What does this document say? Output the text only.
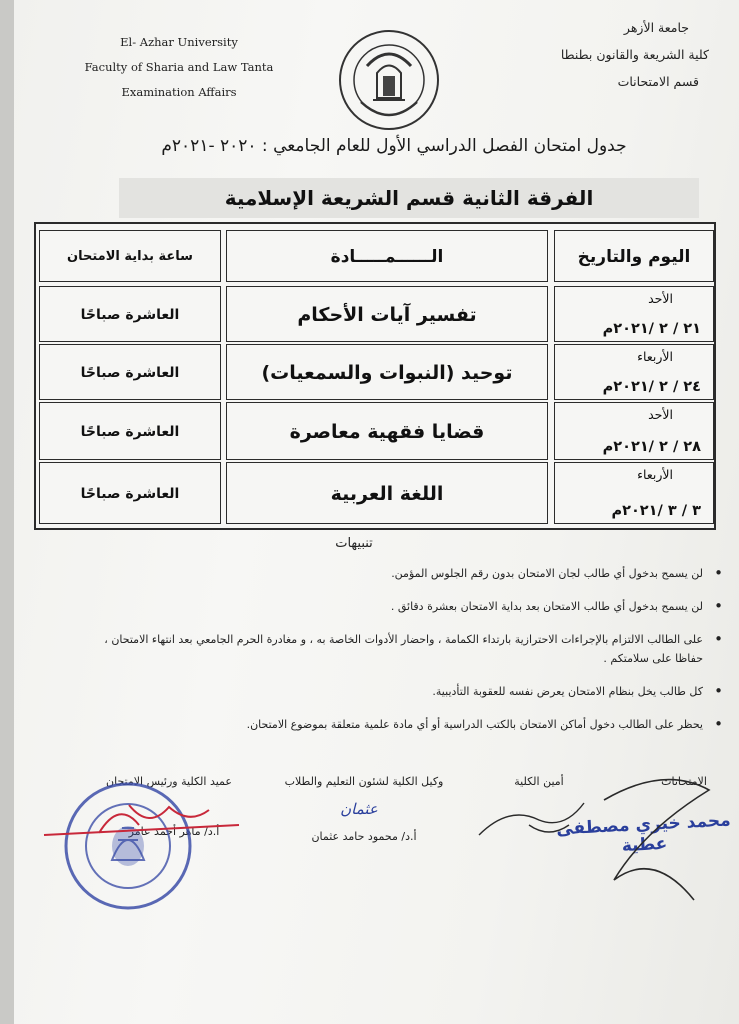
El- Azhar University
Faculty of Sharia and Law Tanta
Examination Affairs
جامعة الأزهر
كلية الشريعة والقانون بطنطا
قسم الامتحانات
جدول امتحان الفصل الدراسي الأول للعام الجامعي : ٢٠٢٠ -٢٠٢١م
الفرقة الثانية قسم الشريعة الإسلامية
اليوم والتاريخ
الــــــمـــــادة
ساعة بداية الامتحان
الأحد
٢١ / ٢ /٢٠٢١م
تفسير آيات الأحكام
العاشرة صباحًا
الأربعاء
٢٤ / ٢ /٢٠٢١م
توحيد (النبوات والسمعيات)
العاشرة صباحًا
الأحد
٢٨ / ٢ /٢٠٢١م
قضايا فقهية معاصرة
العاشرة صباحًا
الأربعاء
٣ / ٣ /٢٠٢١م
اللغة العربية
العاشرة صباحًا
تنبيهات
• لن يسمح بدخول أي طالب لجان الامتحان بدون رقم الجلوس المؤمن.
• لن يسمح بدخول أي طالب الامتحان بعد بداية الامتحان بعشرة دقائق .
• على الطالب الالتزام بالإجراءات الاحترازية بارتداء الكمامة ، واحضار الأدوات الخاصة به ، و مغادرة الحرم الجامعي بعد انتهاء الامتحان ، حفاظا على سلامتكم .
• كل طالب يخل بنظام الامتحان يعرض نفسه للعقوبة التأديبية.
• يحظر على الطالب دخول أماكن الامتحان بالكتب الدراسية أو أي مادة علمية متعلقة بموضوع الامتحان.
الامتحانات
محمد خيري مصطفى عطية
أمين الكلية
وكيل الكلية لشئون التعليم والطلاب
عثمان
أ.د/ محمود حامد عثمان
عميد الكلية ورئيس الامتحان
أ.د/ ماهر أحمد عامر
